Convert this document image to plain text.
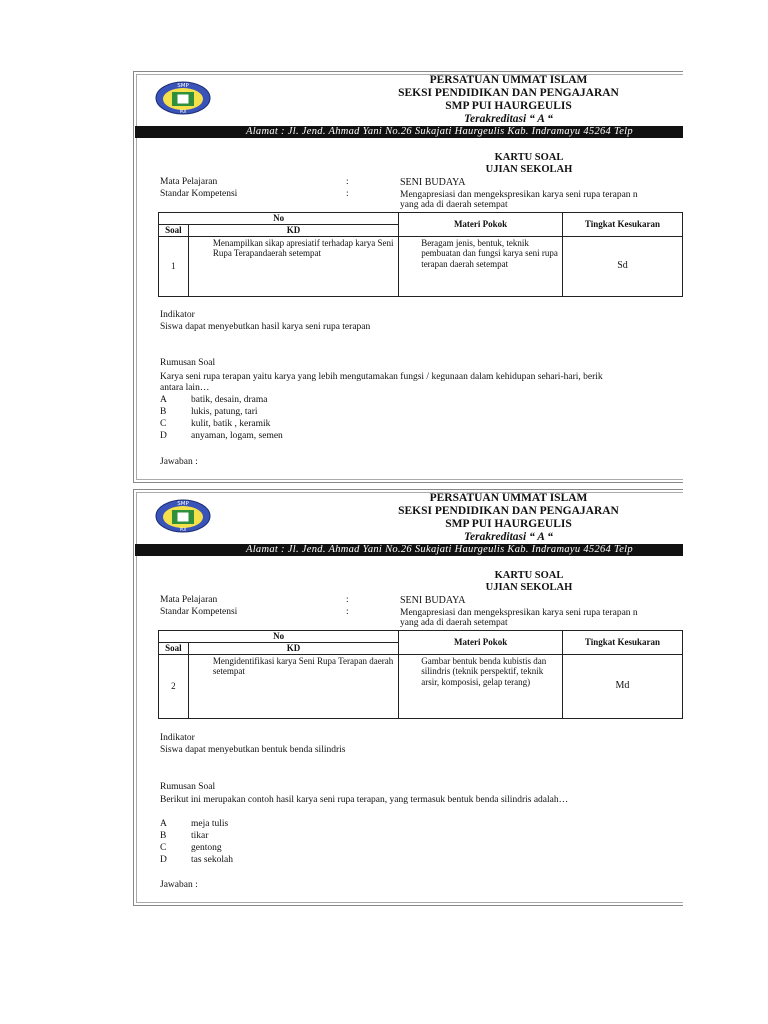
SMP
PUI
PERSATUAN UMMAT ISLAM
SEKSI PENDIDIKAN DAN PENGAJARAN
SMP PUI HAURGEULIS
Terakreditasi “ A “
Alamat : Jl. Jend. Ahmad Yani No.26 Sukajati Haurgeulis Kab. Indramayu 45264 Telp
KARTU SOAL
UJIAN SEKOLAH
Mata Pelajaran	:	SENI BUDAYA
Standar Kompetensi	:	Mengapresiasi dan mengekspresikan karya seni rupa terapan n
yang ada di daerah setempat
No		Materi Pokok	Tingkat Kesukaran
Soal	KD		
1	Menampilkan sikap apresiatif terhadap karya Seni Rupa Terapandaerah setempat	Beragam jenis, bentuk, teknik pembuatan dan fungsi karya seni rupa terapan daerah setempat	Sd
Indikator
Siswa dapat menyebutkan hasil karya seni rupa terapan
Rumusan Soal
Karya seni rupa terapan yaitu karya yang lebih mengutamakan fungsi / kegunaan dalam kehidupan sehari-hari, berik
antara lain…
A	batik, desain, drama
B	lukis, patung, tari
C	kulit, batik , keramik
D	anyaman, logam, semen
Jawaban :
SMP
PUI
PERSATUAN UMMAT ISLAM
SEKSI PENDIDIKAN DAN PENGAJARAN
SMP PUI HAURGEULIS
Terakreditasi “ A “
Alamat : Jl. Jend. Ahmad Yani No.26 Sukajati Haurgeulis Kab. Indramayu 45264 Telp
KARTU SOAL
UJIAN SEKOLAH
Mata Pelajaran	:	SENI BUDAYA
Standar Kompetensi	:	Mengapresiasi dan mengekspresikan karya seni rupa terapan n
yang ada di daerah setempat
No		Materi Pokok	Tingkat Kesukaran
Soal	KD		
2	Mengidentifikasi karya Seni Rupa Terapan daerah setempat	Gambar bentuk benda kubistis dan silindris (teknik perspektif, teknik arsir, komposisi, gelap terang)	Md
Indikator
Siswa dapat menyebutkan bentuk benda silindris
Rumusan Soal
Berikut ini merupakan contoh hasil karya seni rupa terapan, yang termasuk bentuk benda silindris adalah…
A	meja tulis
B	tikar
C	gentong
D	tas sekolah
Jawaban :
